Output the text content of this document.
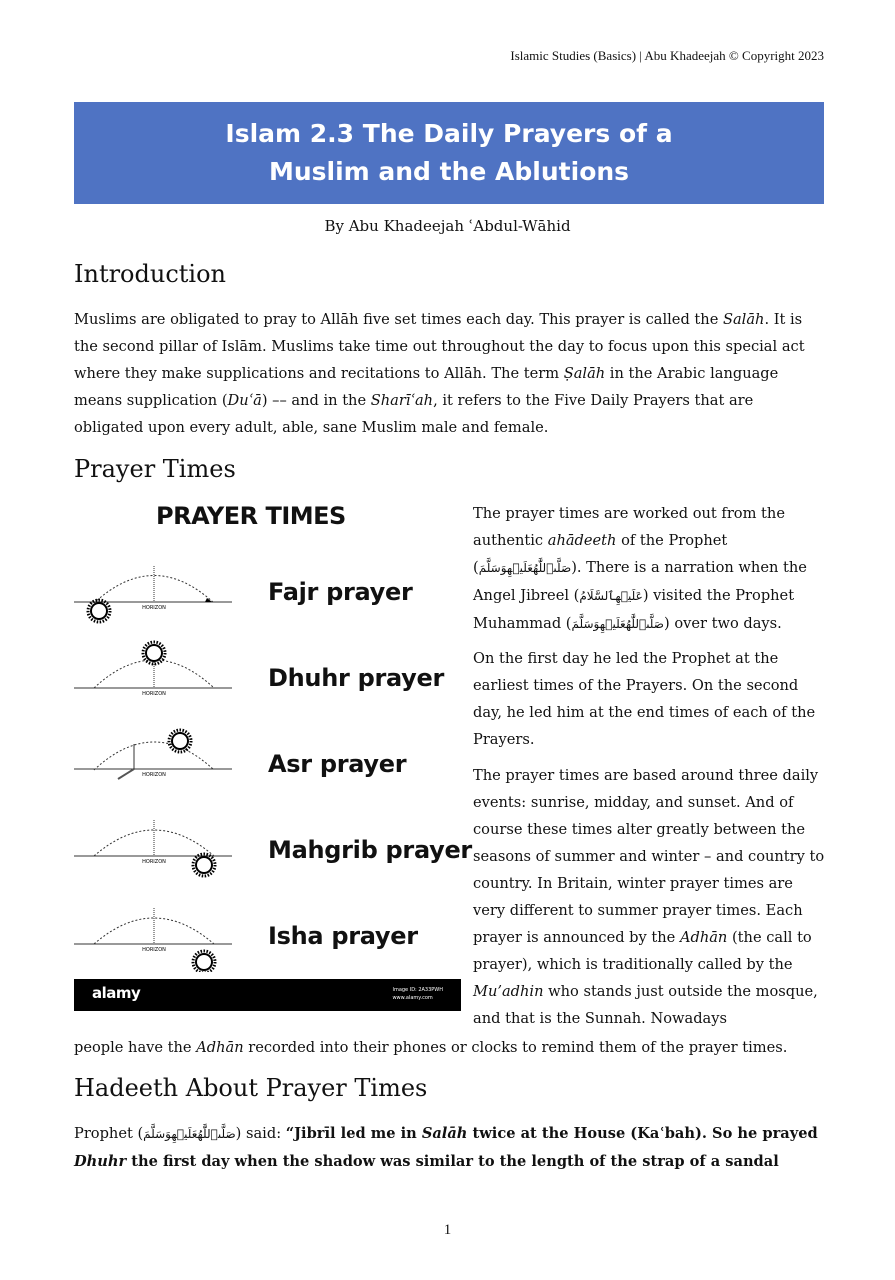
Islamic Studies (Basics) | Abu Khadeejah © Copyright 2023
Islam 2.3 The Daily Prayers of a
Muslim and the Ablutions
By Abu Khadeejah ʿAbdul-Wāhid
Introduction

Muslims are obligated to pray to Allāh five set times each day. This prayer is called the Salāh. It is the second pillar of Islām. Muslims take time out throughout the day to focus upon this special act where they make supplications and recitations to Allāh. The term Ṣalāh in the Arabic language means supplication (Duʿā) –– and in the Sharīʿah, it refers to the Five Daily Prayers that are obligated upon every adult, able, sane Muslim male and female.

Prayer Times
PRAYER TIMES
HORIZON
Fajr prayer
HORIZON
Dhuhr prayer
HORIZON	Asr prayer
HORIZON	Mahgrib prayer
HORIZON	Isha prayer
alamy	Image ID: 2A33PWH
www.alamy.com

The prayer times are worked out from the authentic ahādeeth of the Prophet (صَلَّىٱللَّٰهُعَلَيۡهِوَسَلَّمَ). There is a narration when the Angel Jibreel (عَلَيۡهِٱلسَّلَامُ) visited the Prophet Muhammad (صَلَّىٱللَّٰهُعَلَيۡهِوَسَلَّمَ) over two days.

On the first day he led the Prophet at the earliest times of the Prayers. On the second day, he led him at the end times of each of the Prayers.

The prayer times are based around three daily events: sunrise, midday, and sunset. And of course these times alter greatly between the seasons of summer and winter – and country to country. In Britain, winter prayer times are very different to summer prayer times. Each prayer is announced by the Adhān (the call to prayer), which is traditionally called by the Mu’adhin who stands just outside the mosque, and that is the Sunnah. Nowadays

people have the Adhān recorded into their phones or clocks to remind them of the prayer times.

Hadeeth About Prayer Times

Prophet (صَلَّىٱللَّٰهُعَلَيۡهِوَسَلَّمَ) said: “Jibrīl led me in Salāh twice at the House (Kaʿbah). So he prayed Dhuhr the first day when the shadow was similar to the length of the strap of a sandal

1
